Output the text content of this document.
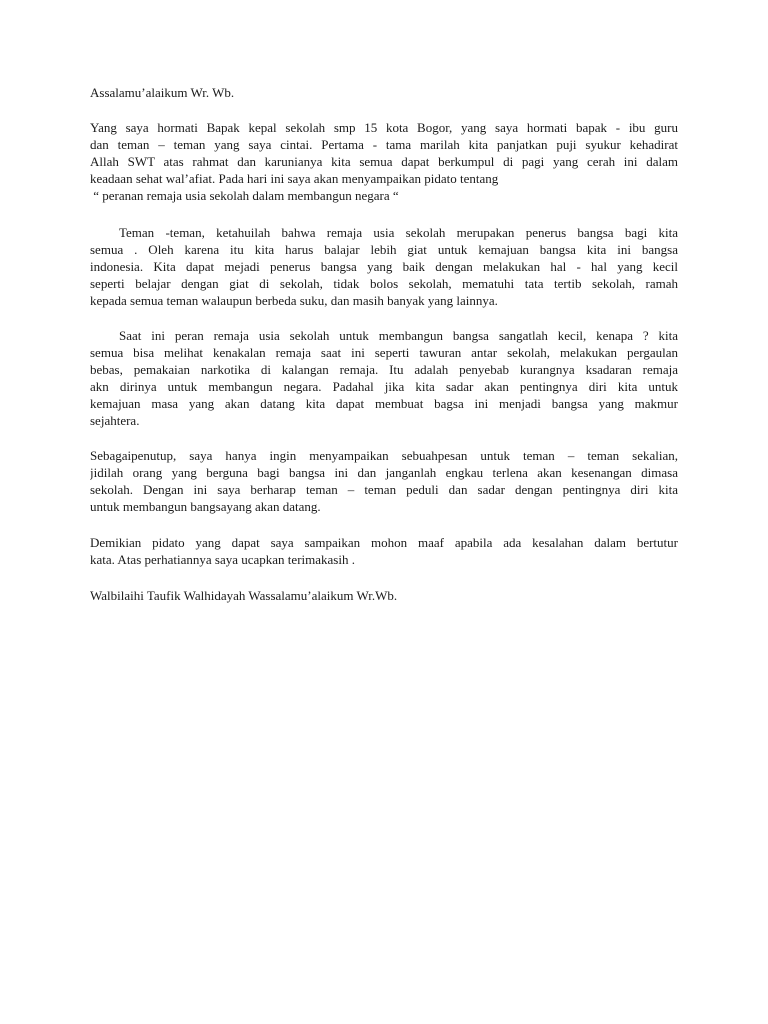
Assalamu’alaikum Wr. Wb.
Yang saya hormati Bapak kepal sekolah smp 15 kota Bogor, yang saya hormati bapak - ibu guru
dan teman – teman yang saya cintai. Pertama - tama marilah kita panjatkan puji syukur kehadirat
Allah SWT atas rahmat dan karunianya kita semua dapat berkumpul di pagi yang cerah ini dalam
keadaan sehat wal’afiat. Pada hari ini saya akan menyampaikan pidato tentang
“ peranan remaja usia sekolah dalam membangun negara “
Teman -teman, ketahuilah bahwa remaja usia sekolah merupakan penerus bangsa bagi kita
semua . Oleh karena itu kita harus balajar lebih giat untuk kemajuan bangsa kita ini bangsa
indonesia. Kita dapat mejadi penerus bangsa yang baik dengan melakukan hal - hal yang kecil
seperti belajar dengan giat di sekolah, tidak bolos sekolah, mematuhi tata tertib sekolah, ramah
kepada semua teman walaupun berbeda suku, dan masih banyak yang lainnya.
Saat ini peran remaja usia sekolah untuk membangun bangsa sangatlah kecil, kenapa ? kita
semua bisa melihat kenakalan remaja saat ini seperti tawuran antar sekolah, melakukan pergaulan
bebas, pemakaian narkotika di kalangan remaja. Itu adalah penyebab kurangnya ksadaran remaja
akn dirinya untuk membangun negara. Padahal jika kita sadar akan pentingnya diri kita untuk
kemajuan masa yang akan datang kita dapat membuat bagsa ini menjadi bangsa yang makmur
sejahtera.
Sebagaipenutup, saya hanya ingin menyampaikan sebuahpesan untuk teman – teman sekalian,
jidilah orang yang berguna bagi bangsa ini dan janganlah engkau terlena akan kesenangan dimasa
sekolah. Dengan ini saya berharap teman – teman peduli dan sadar dengan pentingnya diri kita
untuk membangun bangsayang akan datang.
Demikian pidato yang dapat saya sampaikan mohon maaf apabila ada kesalahan dalam bertutur
kata. Atas perhatiannya saya ucapkan terimakasih .
Walbilaihi Taufik Walhidayah Wassalamu’alaikum Wr.Wb.
